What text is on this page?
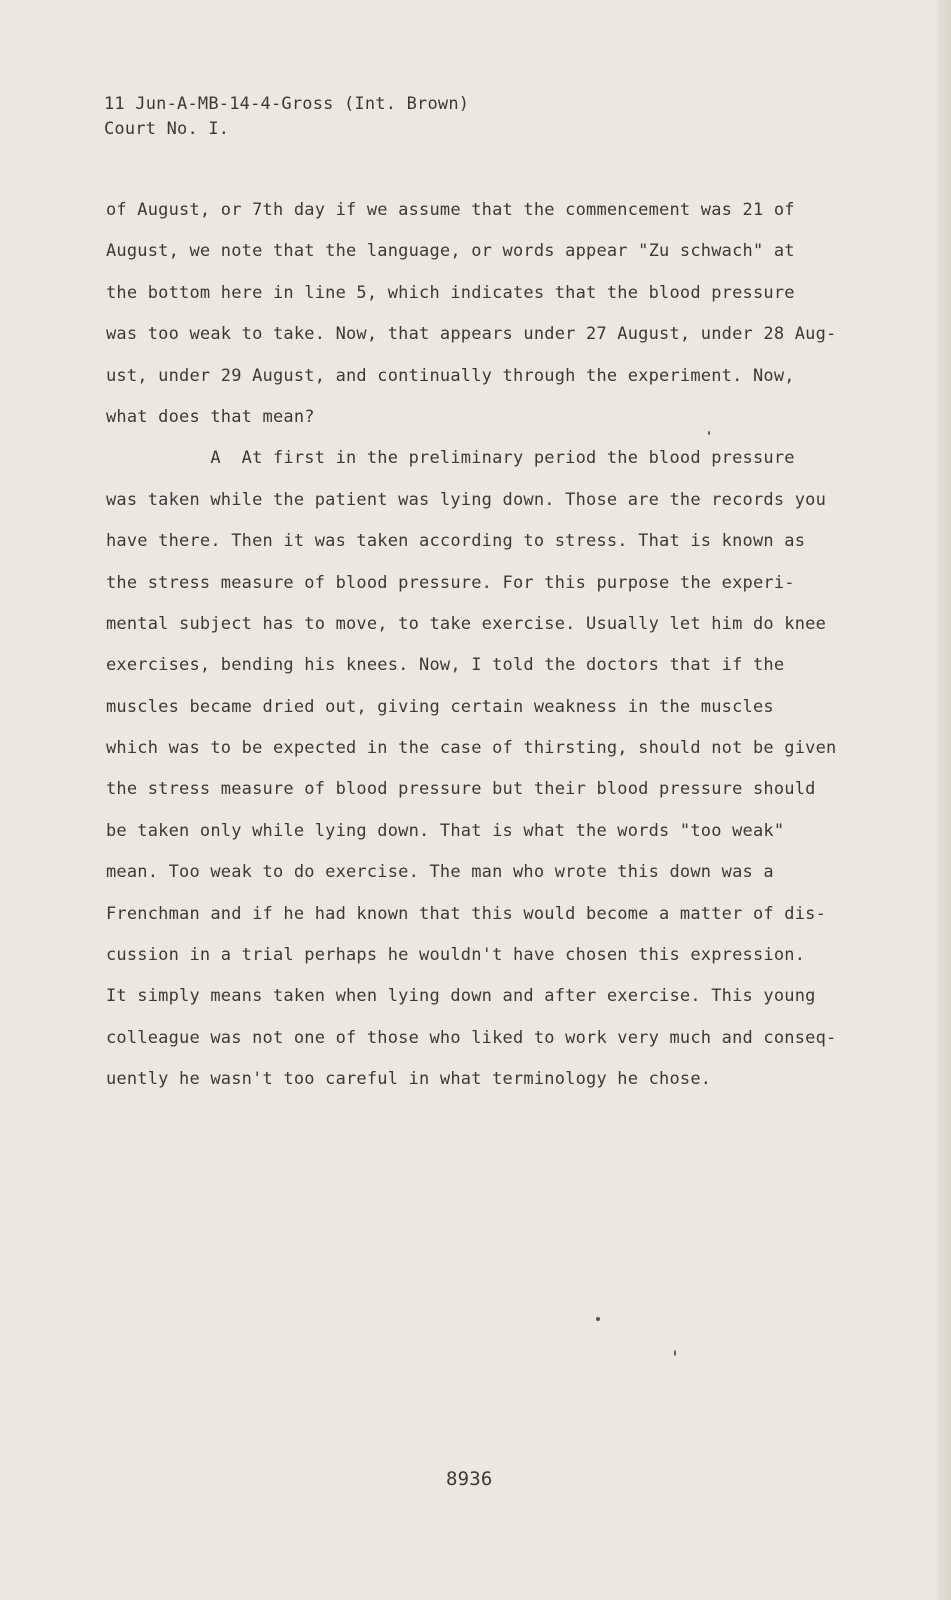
11 Jun-A-MB-14-4-Gross (Int. Brown)
Court No. I.
of August, or 7th day if we assume that the commencement was 21 of
August, we note that the language, or words appear "Zu schwach" at
the bottom here in line 5, which indicates that the blood pressure
was too weak to take. Now, that appears under 27 August, under 28 Aug-
ust, under 29 August, and continually through the experiment. Now,
what does that mean?
A  At first in the preliminary period the blood pressure
was taken while the patient was lying down. Those are the records you
have there. Then it was taken according to stress. That is known as
the stress measure of blood pressure. For this purpose the experi-
mental subject has to move, to take exercise. Usually let him do knee
exercises, bending his knees. Now, I told the doctors that if the
muscles became dried out, giving certain weakness in the muscles
which was to be expected in the case of thirsting, should not be given
the stress measure of blood pressure but their blood pressure should
be taken only while lying down. That is what the words "too weak"
mean. Too weak to do exercise. The man who wrote this down was a
Frenchman and if he had known that this would become a matter of dis-
cussion in a trial perhaps he wouldn't have chosen this expression.
It simply means taken when lying down and after exercise. This young
colleague was not one of those who liked to work very much and conseq-
uently he wasn't too careful in what terminology he chose.
8936
